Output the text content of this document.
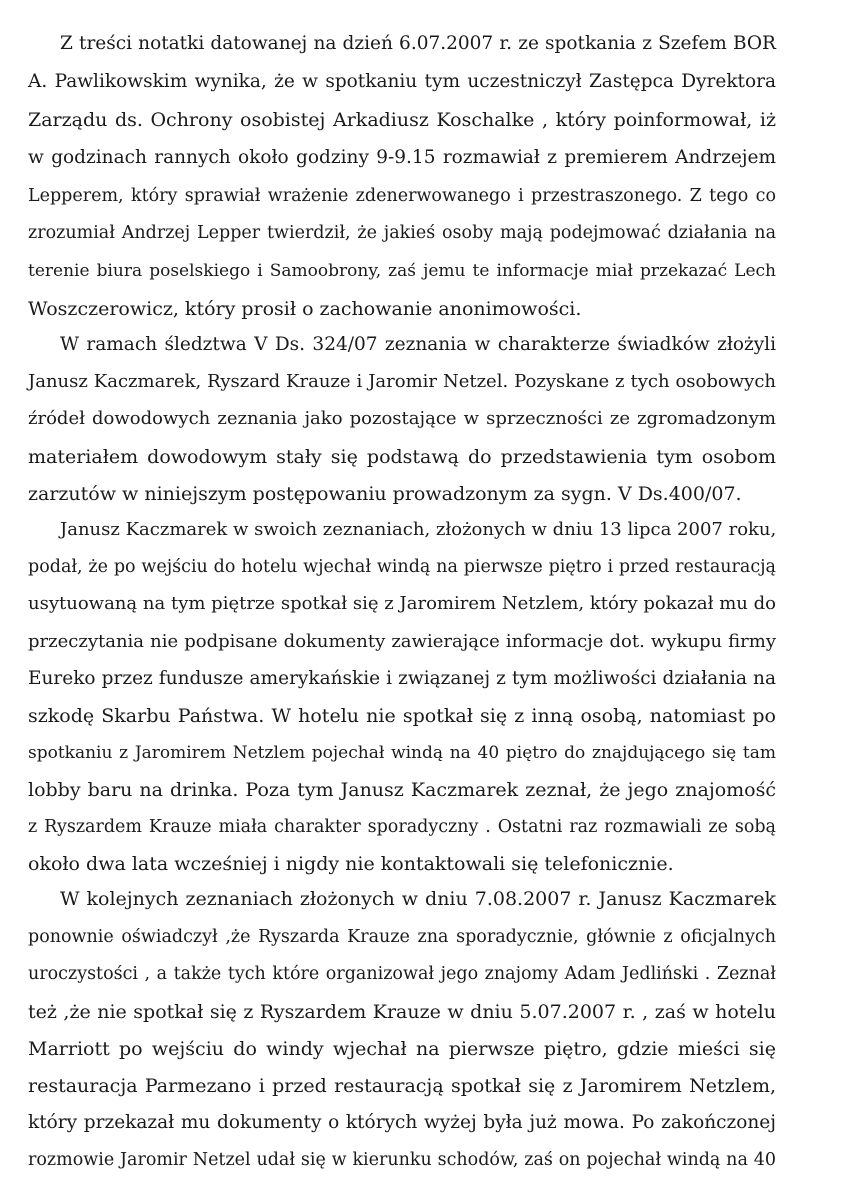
Z treści notatki datowanej na dzień 6.07.2007 r. ze spotkania z Szefem BOR
A. Pawlikowskim wynika, że w spotkaniu tym uczestniczył Zastępca Dyrektora
Zarządu ds. Ochrony osobistej Arkadiusz Koschalke , który poinformował, iż
w godzinach rannych około godziny 9-9.15 rozmawiał z premierem Andrzejem
Lepperem, który sprawiał wrażenie zdenerwowanego i przestraszonego. Z tego co
zrozumiał Andrzej Lepper twierdził, że jakieś osoby mają podejmować działania na
terenie biura poselskiego i Samoobrony, zaś jemu te informacje miał przekazać Lech
Woszczerowicz, który prosił o zachowanie anonimowości.
W ramach śledztwa V Ds. 324/07 zeznania w charakterze świadków złożyli
Janusz Kaczmarek, Ryszard Krauze i Jaromir Netzel. Pozyskane z tych osobowych
źródeł dowodowych zeznania jako pozostające w sprzeczności ze zgromadzonym
materiałem dowodowym stały się podstawą do przedstawienia tym osobom
zarzutów w niniejszym postępowaniu prowadzonym za sygn. V Ds.400/07.
Janusz Kaczmarek w swoich zeznaniach, złożonych w dniu 13 lipca 2007 roku,
podał, że po wejściu do hotelu wjechał windą na pierwsze piętro i przed restauracją
usytuowaną na tym piętrze spotkał się z Jaromirem Netzlem, który pokazał mu do
przeczytania nie podpisane dokumenty zawierające informacje dot. wykupu firmy
Eureko przez fundusze amerykańskie i związanej z tym możliwości działania na
szkodę Skarbu Państwa. W hotelu nie spotkał się z inną osobą, natomiast po
spotkaniu z Jaromirem Netzlem pojechał windą na 40 piętro do znajdującego się tam
lobby baru na drinka. Poza tym Janusz Kaczmarek zeznał, że jego znajomość
z Ryszardem Krauze miała charakter sporadyczny . Ostatni raz rozmawiali ze sobą
około dwa lata wcześniej i nigdy nie kontaktowali się telefonicznie.
W kolejnych zeznaniach złożonych w dniu 7.08.2007 r. Janusz Kaczmarek
ponownie oświadczył ,że Ryszarda Krauze zna sporadycznie, głównie z oficjalnych
uroczystości , a także tych które organizował jego znajomy Adam Jedliński . Zeznał
też ,że nie spotkał się z Ryszardem Krauze w dniu 5.07.2007 r. , zaś w hotelu
Marriott po wejściu do windy wjechał na pierwsze piętro, gdzie mieści się
restauracja Parmezano i przed restauracją spotkał się z Jaromirem Netzlem,
który przekazał mu dokumenty o których wyżej była już mowa. Po zakończonej
rozmowie Jaromir Netzel udał się w kierunku schodów, zaś on pojechał windą na 40
